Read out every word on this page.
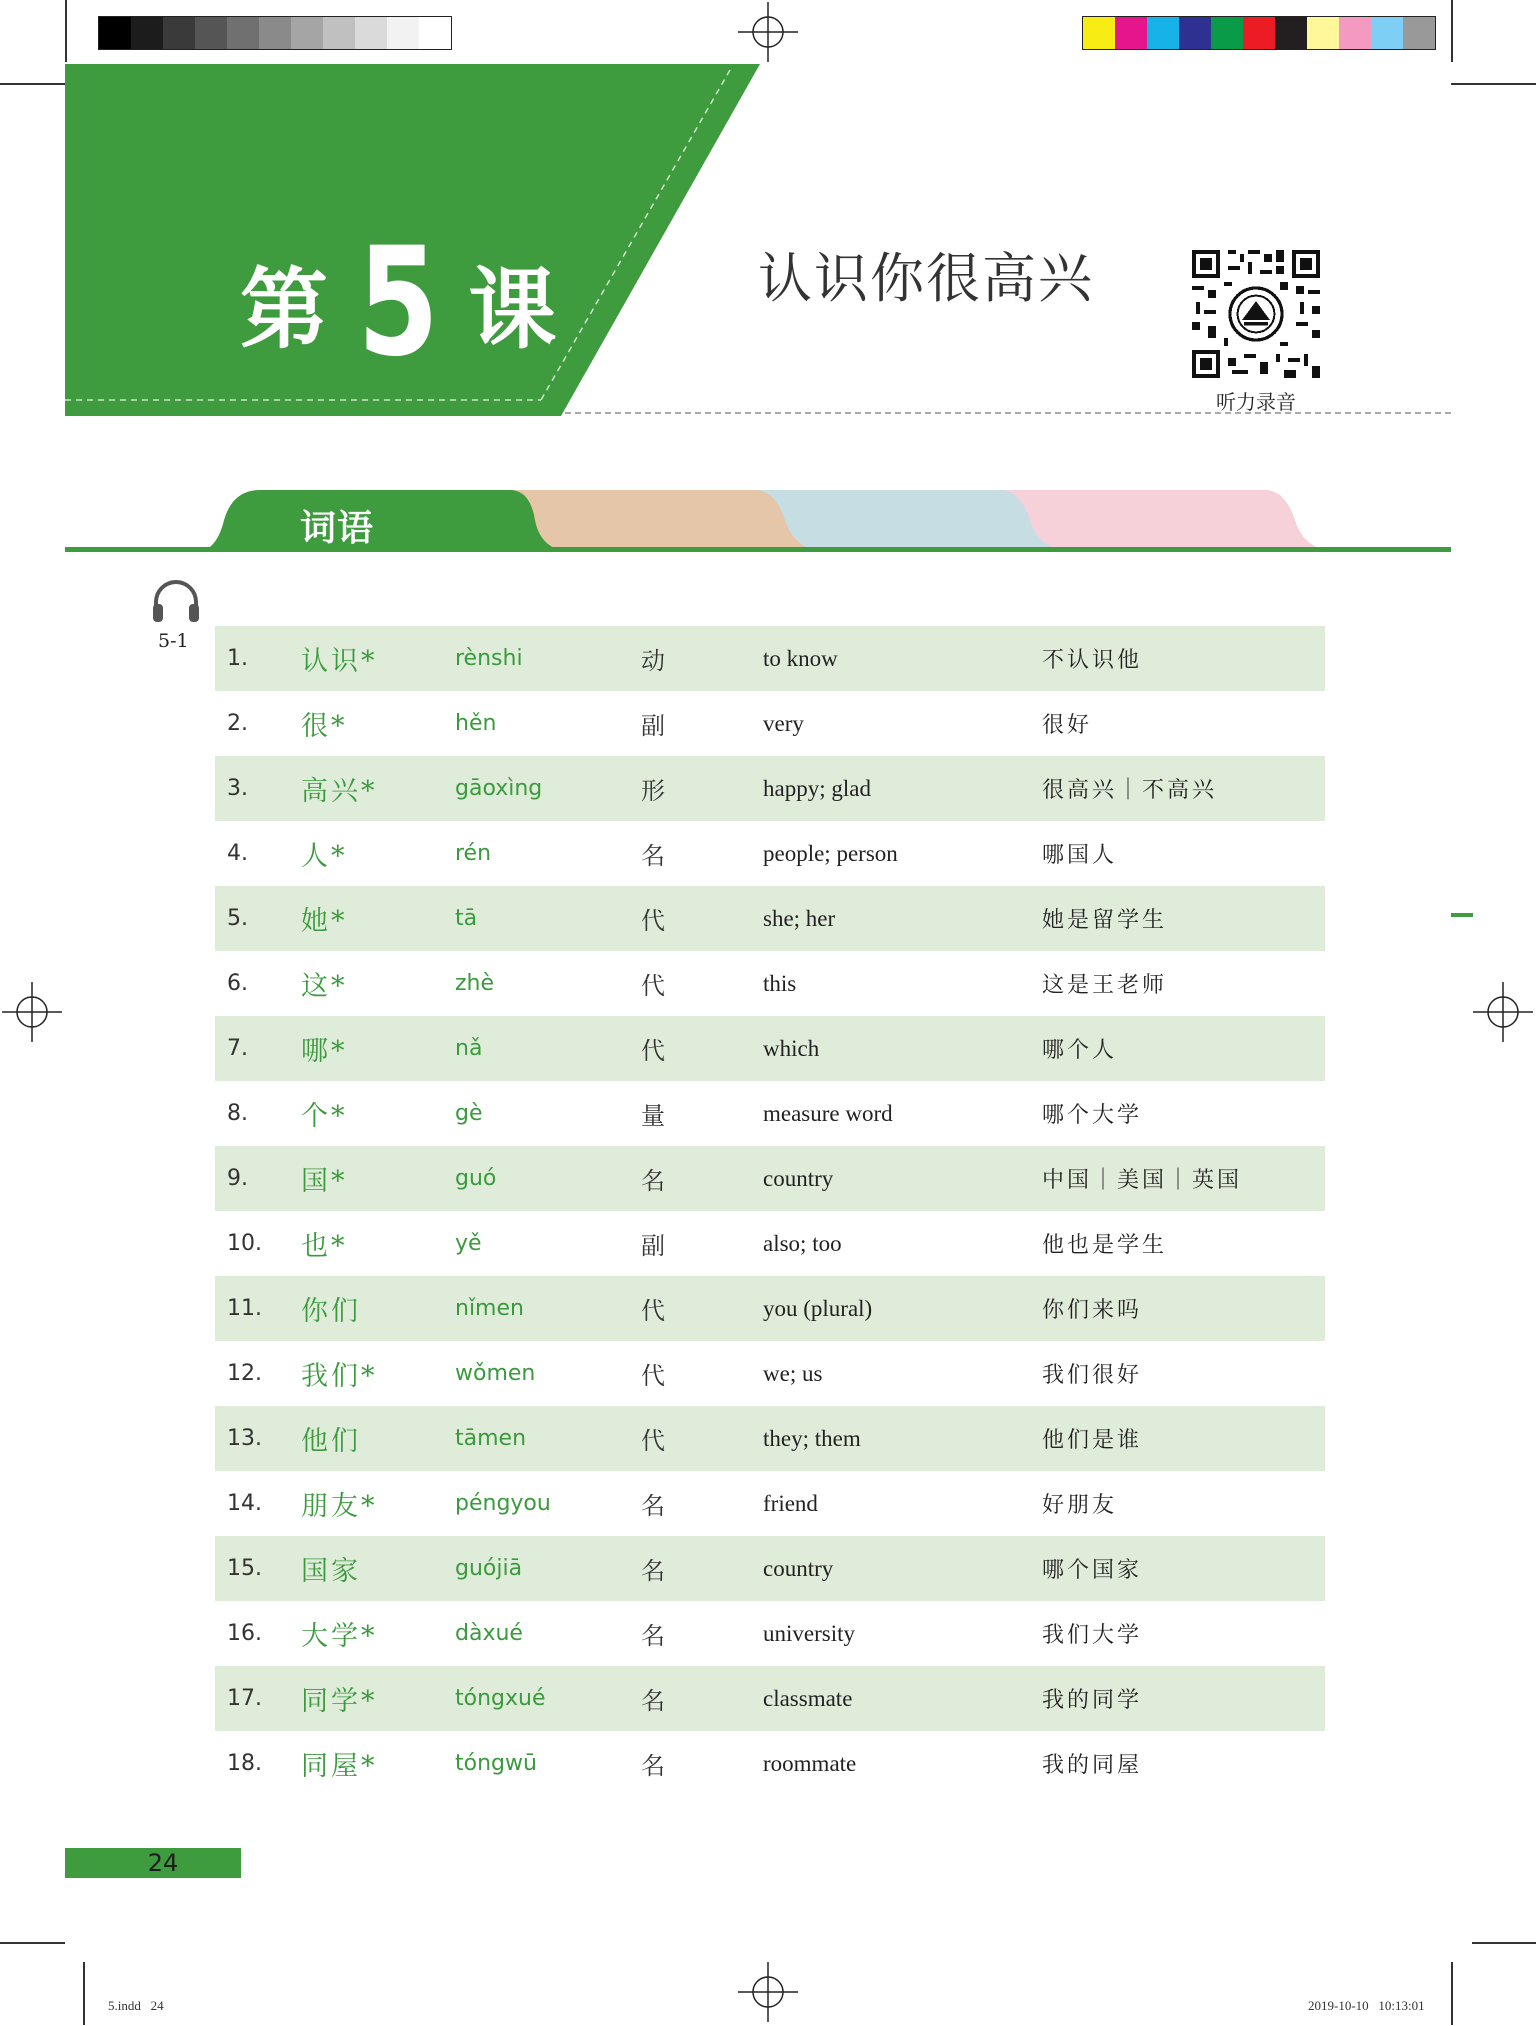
第 5 课	认识你很高兴
听力录音
词语
5-1
1. 认识*	rènshi	动	to know	不认识他
2. 很*	hěn	副	very	很好
3. 高兴*	gāoxìng	形	happy; glad	很高兴｜不高兴
4. 人*	rén	名	people; person	哪国人
5. 她*	tā	代	she; her	她是留学生
6. 这*	zhè	代	this	这是王老师
7. 哪*	nǎ	代	which	哪个人
8. 个*	gè	量	measure word	哪个大学
9. 国*	guó	名	country	中国｜美国｜英国
10. 也*	yě	副	also; too	他也是学生
11. 你们	nǐmen	代	you (plural)	你们来吗
12. 我们*	wǒmen	代	we; us	我们很好
13. 他们	tāmen	代	they; them	他们是谁
14. 朋友*	péngyou	名	friend	好朋友
15. 国家	guójiā	名	country	哪个国家
16. 大学*	dàxué	名	university	我们大学
17. 同学*	tóngxué	名	classmate	我的同学
18. 同屋*	tóngwū	名	roommate	我的同屋
24
5.indd   24	2019-10-10   10:13:01
